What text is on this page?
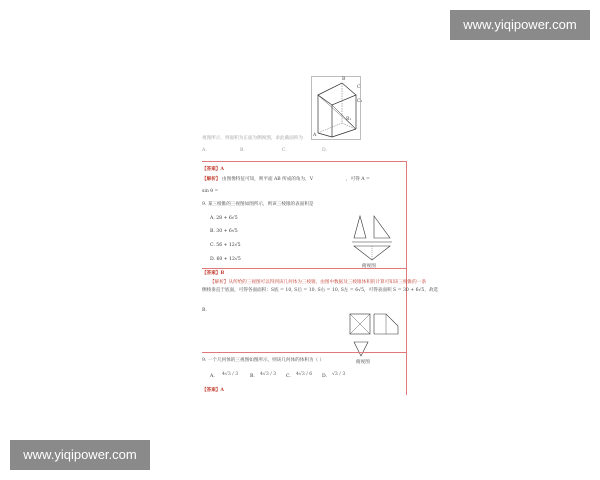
www.yiqipower.com
www.yiqipower.com
B
C
C₁
A
B₁
视图所示，则面积为正面为侧视图，求此截面积为
A.	B.	C.	D.
【答案】A
【解析】 由图像特征可知，则平面 AB 所成的角为，V	，可得 A =
sin θ =
9. 某三棱锥的三视图如图所示，则该三棱锥的表面积是
A. 28 + 6√5
B. 30 + 6√5
C. 56 + 12√5
D. 60 + 12√5
俯视图
【答案】B
【解析】从所给的三视图可以得到该几何体为三棱锥，由图中数据及三棱锥体积的计算可知该三棱锥的一条
侧棱垂直于底面，可得各面面积：S底 = 10, S后 = 10, S右 = 10, S左 = 6√5，可得表面积 S = 30 + 6√5，故选
B.
俯视图
9. 一个几何体的三视图如图所示，则该几何体的体积为（ ）
A. 4√3 / 3	B. 4√3 / 3 C. 4√3 / 6 D. √3 / 3
【答案】A
